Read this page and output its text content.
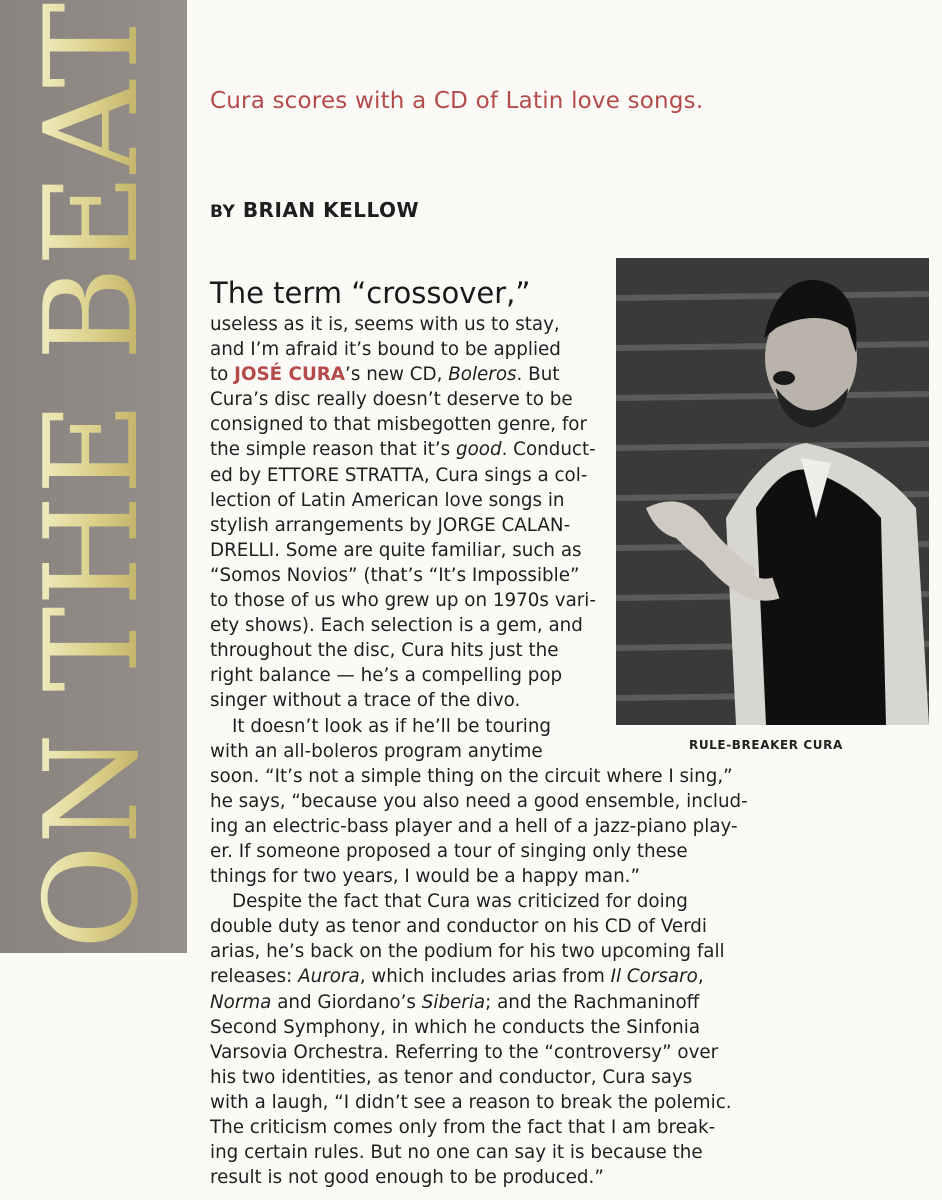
ON THE BEAT Cura scores with a CD of Latin love songs.
BY BRIAN KELLOW
RULE-BREAKER CURA
The term “crossover,”
useless as it is, seems with us to stay,
and I’m afraid it’s bound to be applied
to JOSÉ CURA’s new CD, Boleros. But
Cura’s disc really doesn’t deserve to be
consigned to that misbegotten genre, for
the simple reason that it’s good. Conduct-
ed by ETTORE STRATTA, Cura sings a col-
lection of Latin American love songs in
stylish arrangements by JORGE CALAN-
DRELLI. Some are quite familiar, such as
“Somos Novios” (that’s “It’s Impossible”
to those of us who grew up on 1970s vari-
ety shows). Each selection is a gem, and
throughout the disc, Cura hits just the
right balance — he’s a compelling pop
singer without a trace of the divo.
It doesn’t look as if he’ll be touring
with an all-boleros program anytime
soon. “It’s not a simple thing on the circuit where I sing,”
he says, “because you also need a good ensemble, includ-
ing an electric-bass player and a hell of a jazz-piano play-
er. If someone proposed a tour of singing only these
things for two years, I would be a happy man.”
Despite the fact that Cura was criticized for doing
double duty as tenor and conductor on his CD of Verdi
arias, he’s back on the podium for his two upcoming fall
releases: Aurora, which includes arias from Il Corsaro,
Norma and Giordano’s Siberia; and the Rachmaninoff
Second Symphony, in which he conducts the Sinfonia
Varsovia Orchestra. Referring to the “controversy” over
his two identities, as tenor and conductor, Cura says
with a laugh, “I didn’t see a reason to break the polemic.
The criticism comes only from the fact that I am break-
ing certain rules. But no one can say it is because the
result is not good enough to be produced.”
